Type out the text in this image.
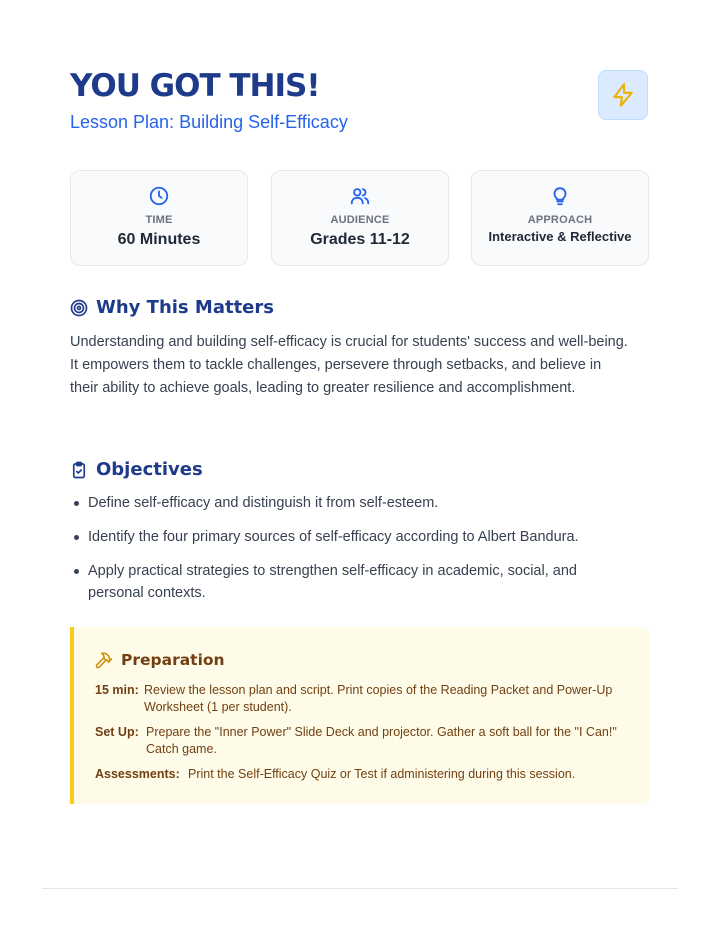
YOU GOT THIS!
Lesson Plan: Building Self-Efficacy
TIME
60 Minutes
AUDIENCE
Grades 11-12
APPROACH
Interactive & Reflective
Why This Matters

Understanding and building self-efficacy is crucial for students' success and well-being. It empowers them to tackle challenges, persevere through setbacks, and believe in their ability to achieve goals, leading to greater resilience and accomplishment.

Objectives
Define self-efficacy and distinguish it from self-esteem.
Identify the four primary sources of self-efficacy according to Albert Bandura.
Apply practical strategies to strengthen self-efficacy in academic, social, and personal contexts.
Preparation
15 min: Review the lesson plan and script. Print copies of the Reading Packet and Power-Up Worksheet (1 per student).
Set Up: Prepare the "Inner Power" Slide Deck and projector. Gather a soft ball for the "I Can!" Catch game.
Assessments: Print the Self-Efficacy Quiz or Test if administering during this session.
